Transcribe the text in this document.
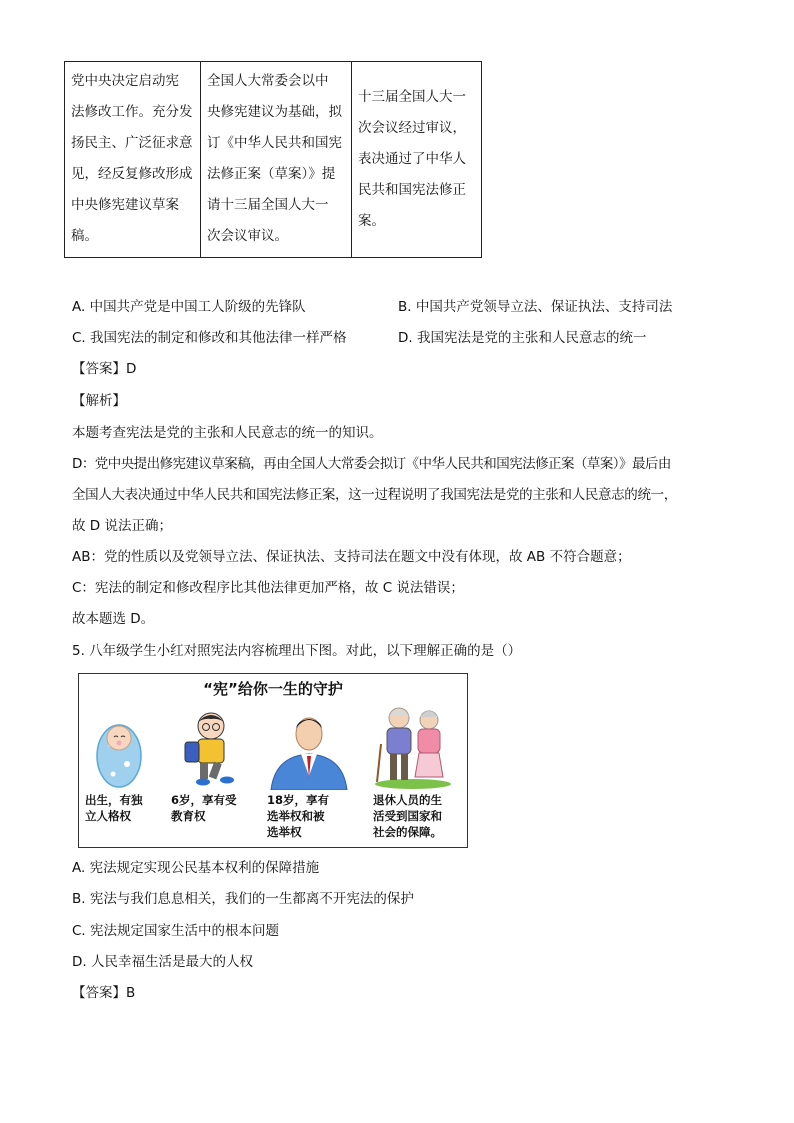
党中央决定启动宪
法修改工作。充分发
扬民主、广泛征求意
见，经反复修改形成
中央修宪建议草案
稿。
全国人大常委会以中
央修宪建议为基础，拟
订《中华人民共和国宪
法修正案（草案）》提
请十三届全国人大一
次会议审议。
十三届全国人大一
次会议经过审议，
表决通过了中华人
民共和国宪法修正
案。
A. 中国共产党是中国工人阶级的先锋队	B. 中国共产党领导立法、保证执法、支持司法
C. 我国宪法的制定和修改和其他法律一样严格	D. 我国宪法是党的主张和人民意志的统一
【答案】D
【解析】
本题考查宪法是党的主张和人民意志的统一的知识。
D：党中央提出修宪建议草案稿，再由全国人大常委会拟订《中华人民共和国宪法修正案（草案）》最后由
全国人大表决通过中华人民共和国宪法修正案，这一过程说明了我国宪法是党的主张和人民意志的统一，
故 D 说法正确；
AB：党的性质以及党领导立法、保证执法、支持司法在题文中没有体现，故 AB 不符合题意；
C：宪法的制定和修改程序比其他法律更加严格，故 C 说法错误；
故本题选 D。
5. 八年级学生小红对照宪法内容梳理出下图。对此，以下理解正确的是（）
“宪”给你一生的守护
出生，有独
立人格权
6岁，享有受
教育权
18岁，享有
选举权和被
选举权
退休人员的生
活受到国家和
社会的保障。
A. 宪法规定实现公民基本权利的保障措施
B. 宪法与我们息息相关，我们的一生都离不开宪法的保护
C. 宪法规定国家生活中的根本问题
D. 人民幸福生活是最大的人权
【答案】B
